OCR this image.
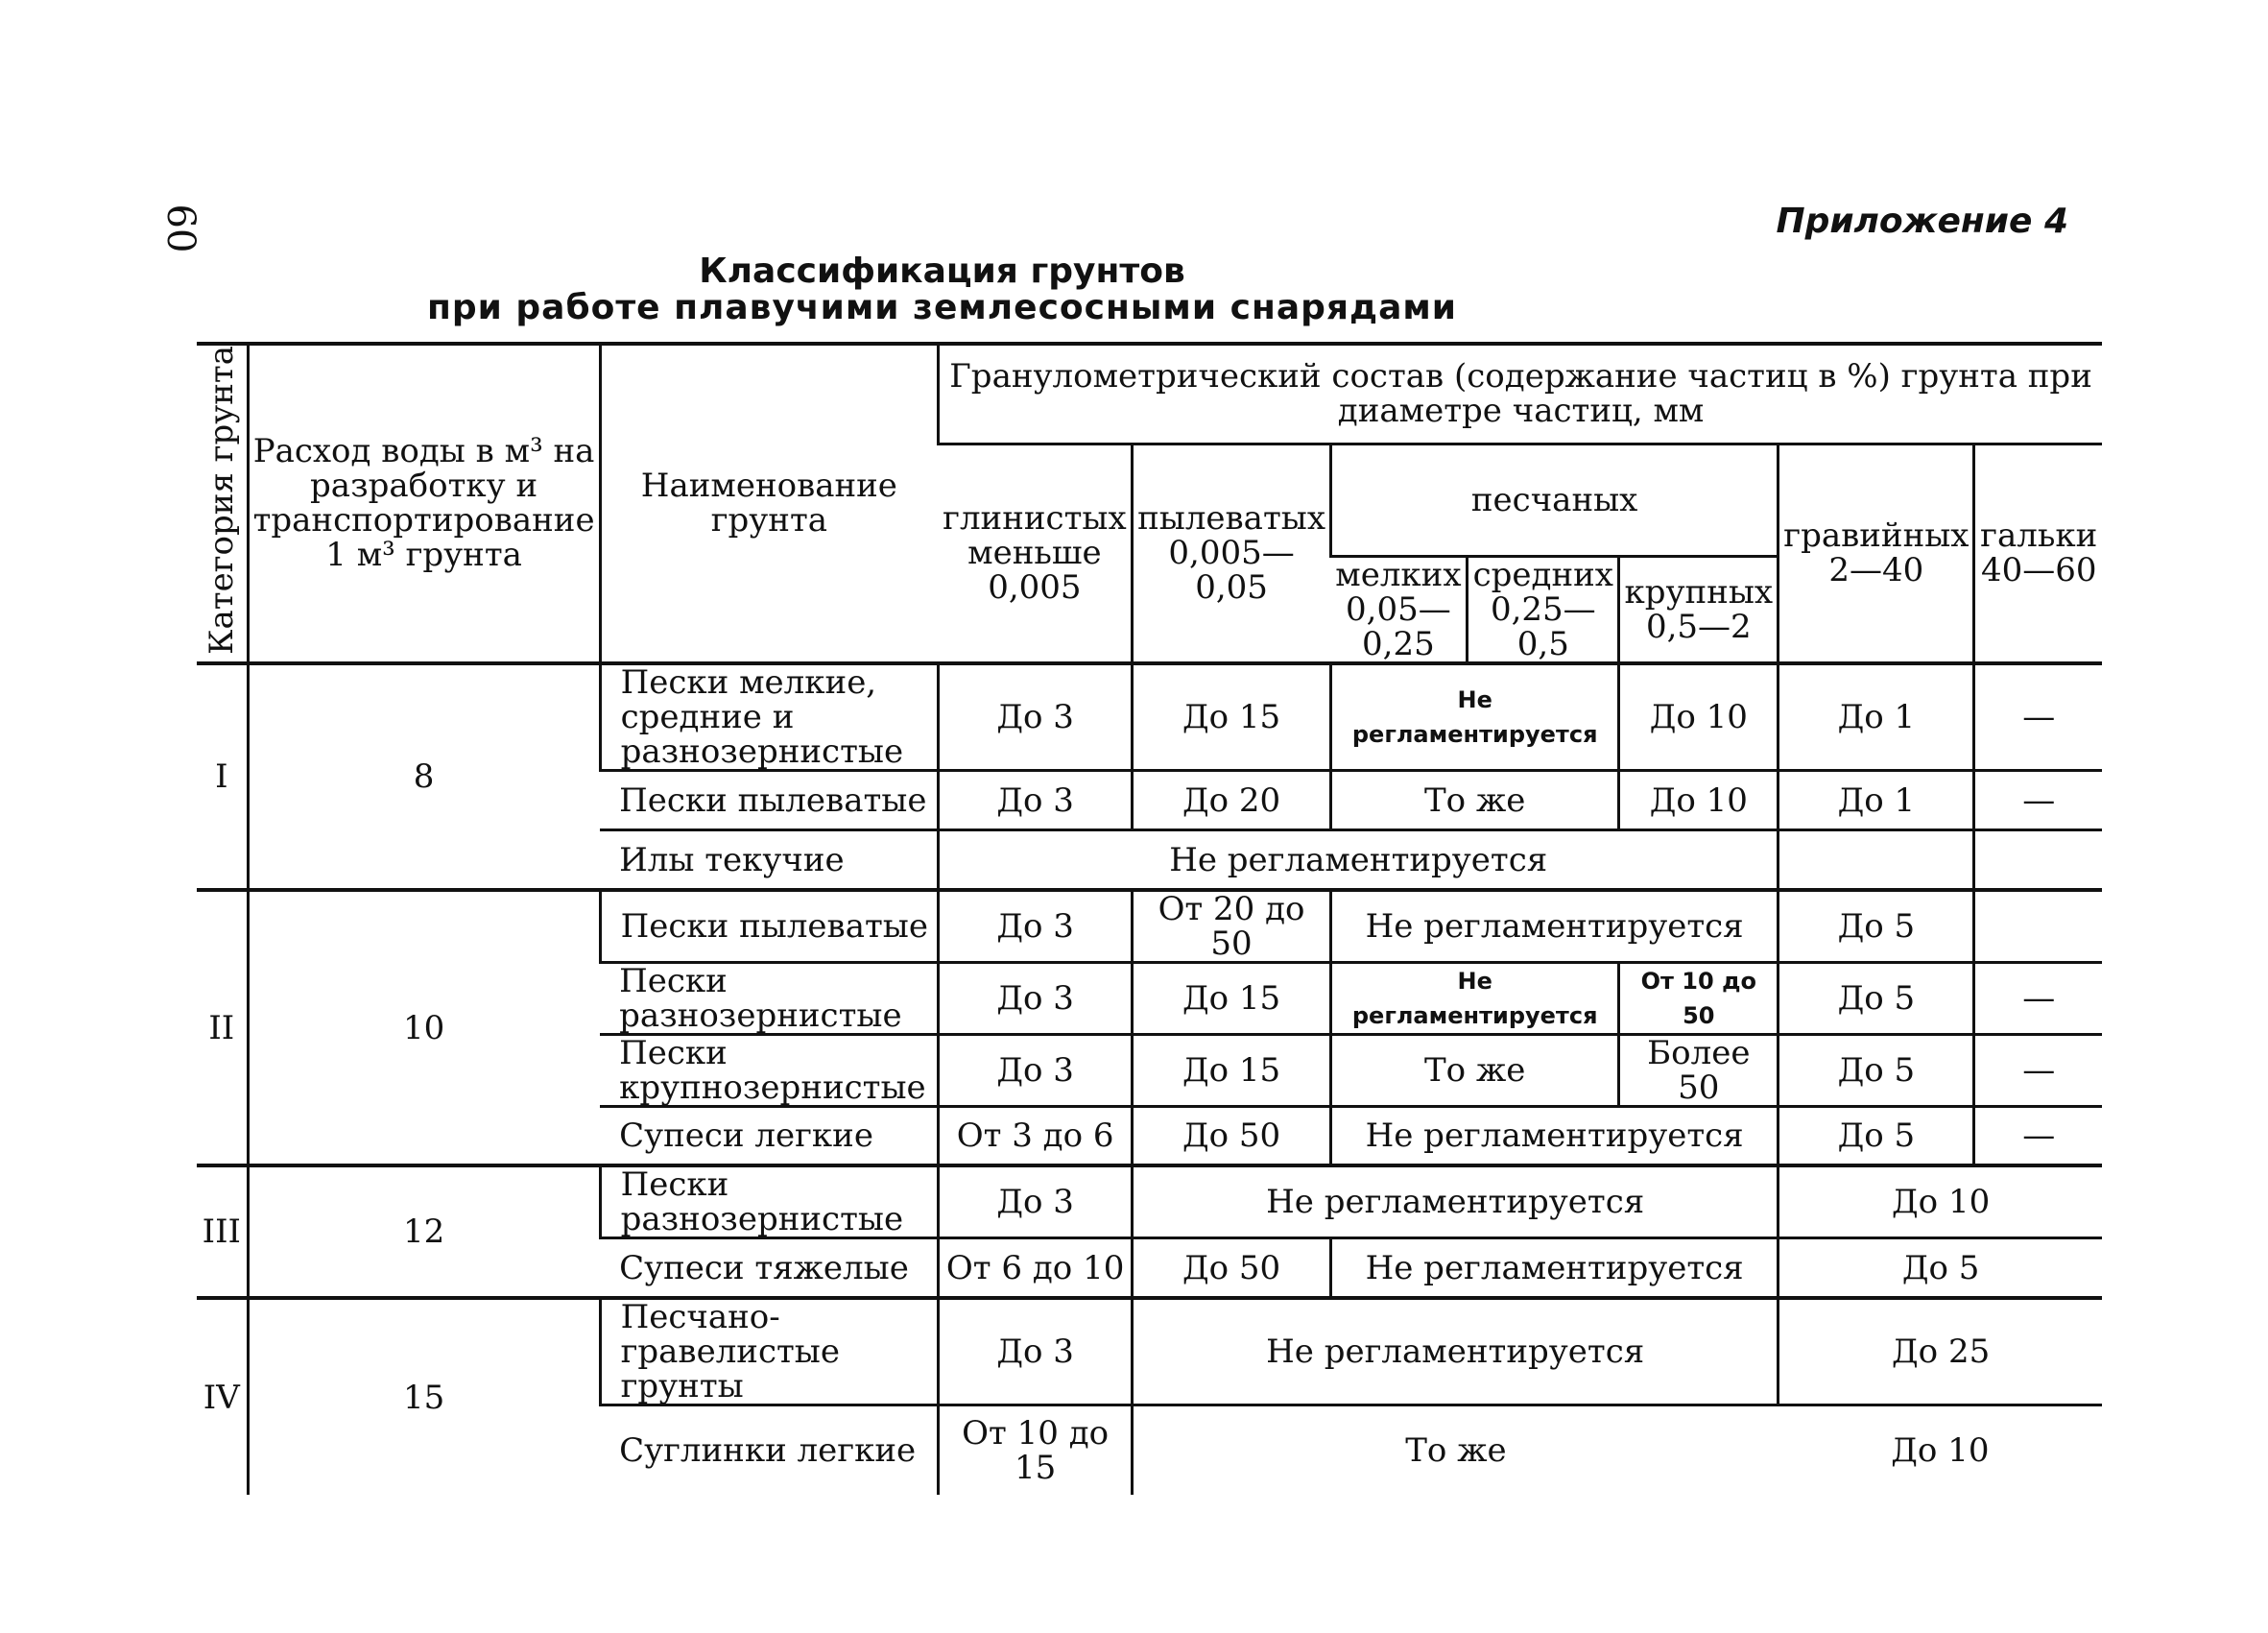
60	Приложение 4
Классификация грунтов
при работе плавучими землесосными снарядами
Категория грунта	Расход воды в м³ на разработку и транспортирование 1 м³ грунта	Наименование грунта	Гранулометрический состав (содержание частиц в %) грунта при диаметре частиц, мм						
			глинистых меньше 0,005	пылеватых 0,005—0,05	песчаных			гравийных 2—40	гальки 40—60
					мелких 0,05—0,25	средних 0,25—0,5	крупных 0,5—2		
I	8	Пески мелкие, средние и разнозернистые	До 3	До 15	Не регламентируется		До 10	До 1	—
		Пески пылеватые	До 3	До 20	То же		До 10	До 1	—
		Илы текучие	Не регламентируется						
II	10	Пески пылеватые	До 3	От 20 до 50	Не регламентируется			До 5	
		Пески разнозернистые	До 3	До 15	Не регламентируется		От 10 до 50	До 5	—
		Пески крупнозернистые	До 3	До 15	То же		Более 50	До 5	—
		Супеси легкие	От 3 до 6	До 50	Не регламентируется			До 5	—
III	12	Пески разнозернистые	До 3	Не регламентируется				До 10	
		Супеси тяжелые	От 6 до 10	До 50	Не регламентируется			До 5	
IV	15	Песчано-гравелистые грунты	До 3	Не регламентируется				До 25	
		Суглинки легкие	От 10 до 15	То же				До 10	
